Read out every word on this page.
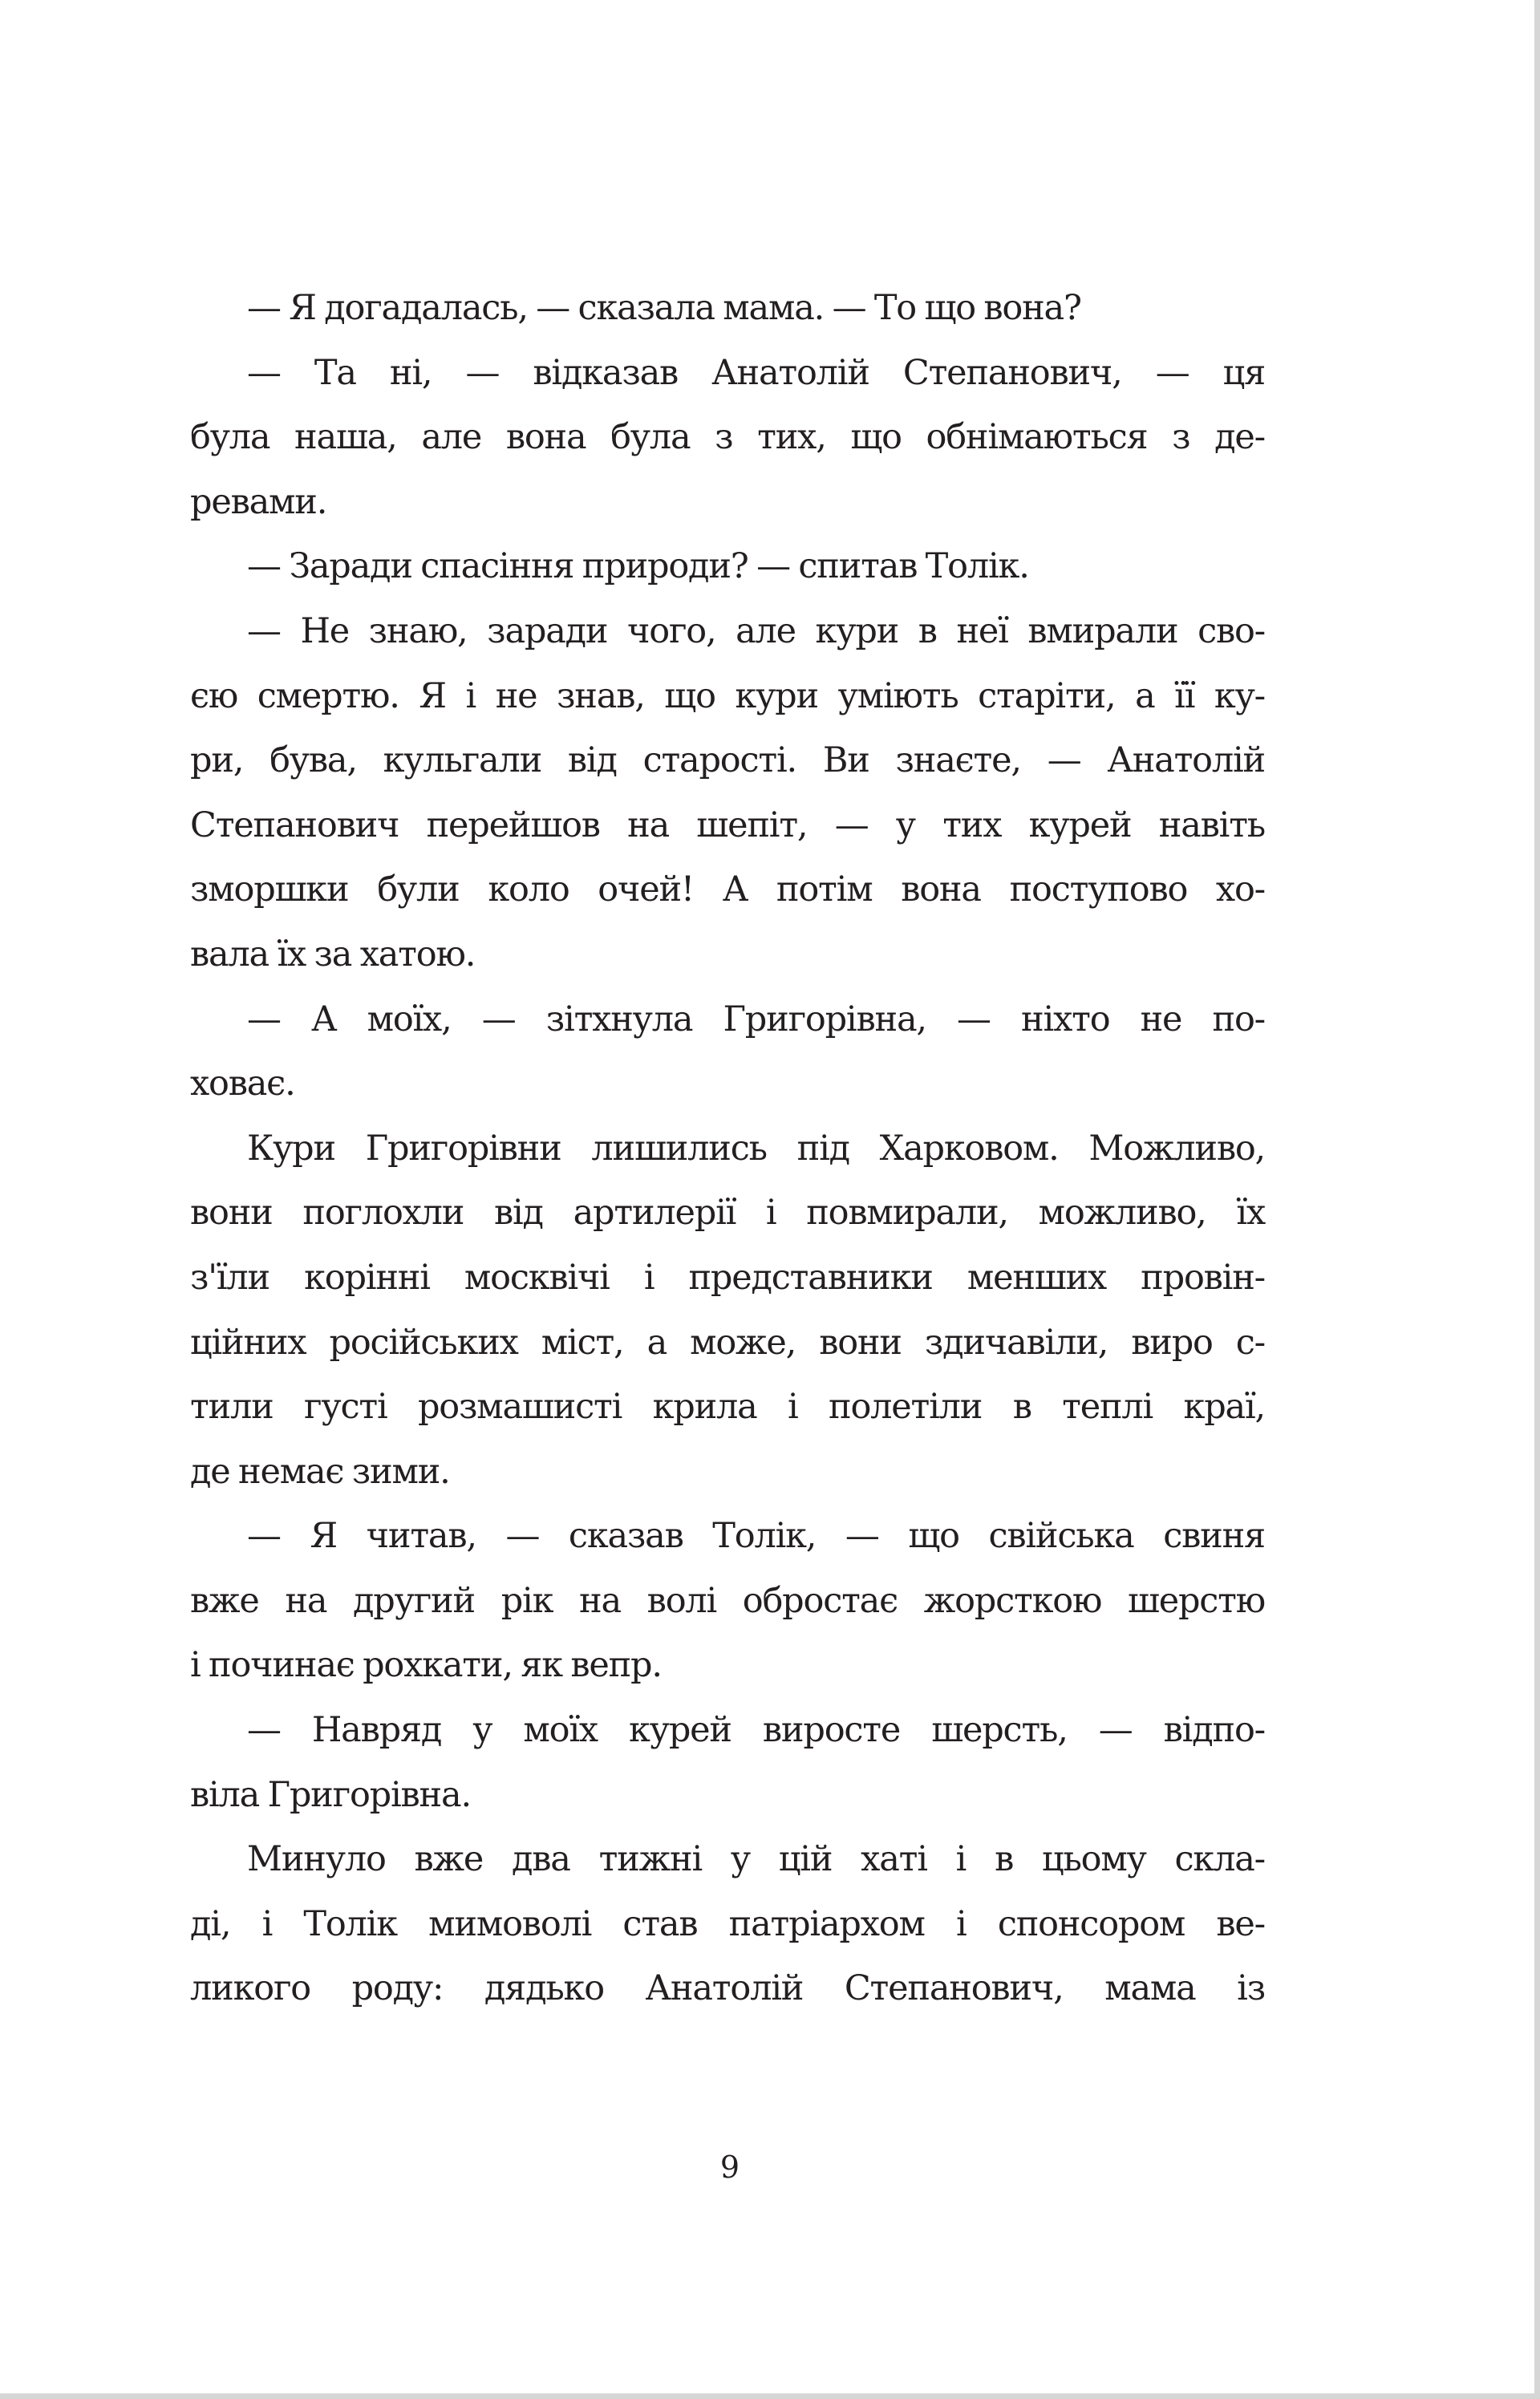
— Я догадалась, — сказала мама. — То що вона?
— Та ні, — відказав Анатолій Степанович, — ця
була наша, але вона була з тих, що обнімаються з де-
ревами.
— Заради спасіння природи? — спитав Толік.
— Не знаю, заради чого, але кури в неї вмирали сво-
єю смертю. Я і не знав, що кури уміють старіти, а її ку-
ри, бува, кульгали від старості. Ви знаєте, — Анатолій
Степанович перейшов на шепіт, — у тих курей навіть
зморшки були коло очей! А потім вона поступово хо-
вала їх за хатою.
— А моїх, — зітхнула Григорівна, — ніхто не по-
ховає.
Кури Григорівни лишились під Харковом. Можливо,
вони поглохли від артилерії і повмирали, можливо, їх
з'їли корінні москвічі і представники менших провін-
ційних російських міст, а може, вони здичавіли, виро с-
тили густі розмашисті крила і полетіли в теплі краї,
де немає зими.
— Я читав, — сказав Толік, — що свійська свиня
вже на другий рік на волі обростає жорсткою шерстю
і починає рохкати, як вепр.
— Навряд у моїх курей виросте шерсть, — відпо-
віла Григорівна.
Минуло вже два тижні у цій хаті і в цьому скла-
ді, і Толік мимоволі став патріархом і спонсором ве-
ликого роду: дядько Анатолій Степанович, мама із
9
